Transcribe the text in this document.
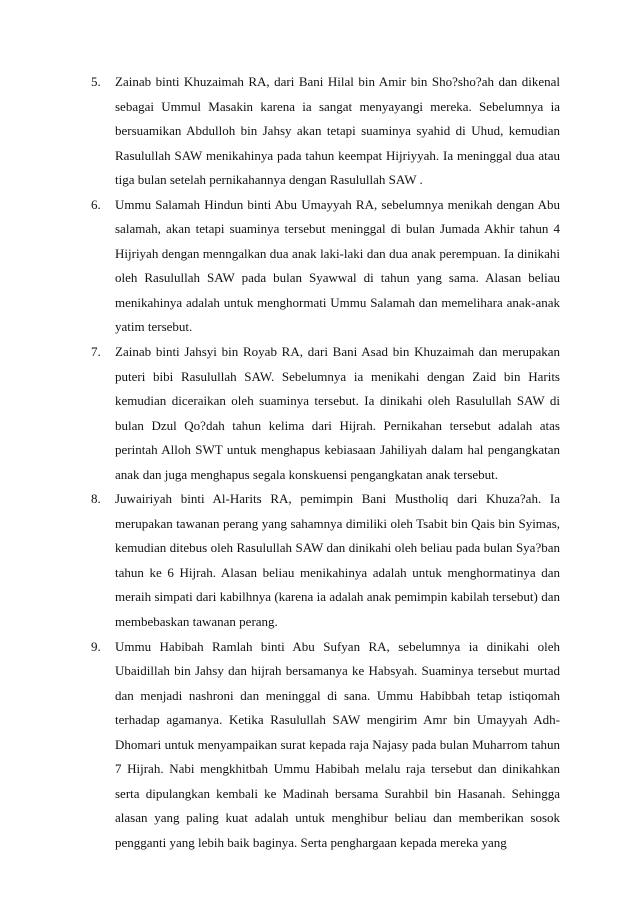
5.	Zainab binti Khuzaimah RA, dari Bani Hilal bin Amir bin Sho?sho?ah dan dikenal sebagai Ummul Masakin karena ia sangat menyayangi mereka. Sebelumnya ia bersuamikan Abdulloh bin Jahsy akan tetapi suaminya syahid di Uhud, kemudian Rasulullah SAW menikahinya pada tahun keempat Hijriyyah. Ia meninggal dua atau tiga bulan setelah pernikahannya dengan Rasulullah SAW .

6.	Ummu Salamah Hindun binti Abu Umayyah RA, sebelumnya menikah dengan Abu salamah, akan tetapi suaminya tersebut meninggal di bulan Jumada Akhir tahun 4 Hijriyah dengan menngalkan dua anak laki-laki dan dua anak perempuan. Ia dinikahi oleh Rasulullah SAW pada bulan Syawwal di tahun yang sama. Alasan beliau menikahinya adalah untuk menghormati Ummu Salamah dan memelihara anak-anak yatim tersebut.

7.	Zainab binti Jahsyi bin Royab RA, dari Bani Asad bin Khuzaimah dan merupakan puteri bibi Rasulullah SAW. Sebelumnya ia menikahi dengan Zaid bin Harits kemudian diceraikan oleh suaminya tersebut. Ia dinikahi oleh Rasulullah SAW di bulan Dzul Qo?dah tahun kelima dari Hijrah. Pernikahan tersebut adalah atas perintah Alloh SWT untuk menghapus kebiasaan Jahiliyah dalam hal pengangkatan anak dan juga menghapus segala konskuensi pengangkatan anak tersebut.

8.	Juwairiyah binti Al-Harits RA, pemimpin Bani Mustholiq dari Khuza?ah. Ia merupakan tawanan perang yang sahamnya dimiliki oleh Tsabit bin Qais bin Syimas, kemudian ditebus oleh Rasulullah SAW dan dinikahi oleh beliau pada bulan Sya?ban tahun ke 6 Hijrah. Alasan beliau menikahinya adalah untuk menghormatinya dan meraih simpati dari kabilhnya (karena ia adalah anak pemimpin kabilah tersebut) dan membebaskan tawanan perang.

9.	Ummu Habibah Ramlah binti Abu Sufyan RA, sebelumnya ia dinikahi oleh Ubaidillah bin Jahsy dan hijrah bersamanya ke Habsyah. Suaminya tersebut murtad dan menjadi nashroni dan meninggal di sana. Ummu Habibbah tetap istiqomah terhadap agamanya. Ketika Rasulullah SAW mengirim Amr bin Umayyah Adh-Dhomari untuk menyampaikan surat kepada raja Najasy pada bulan Muharrom tahun 7 Hijrah. Nabi mengkhitbah Ummu Habibah melalu raja tersebut dan dinikahkan serta dipulangkan kembali ke Madinah bersama Surahbil bin Hasanah. Sehingga alasan yang paling kuat adalah untuk menghibur beliau dan memberikan sosok pengganti yang lebih baik baginya. Serta penghargaan kepada mereka yang
